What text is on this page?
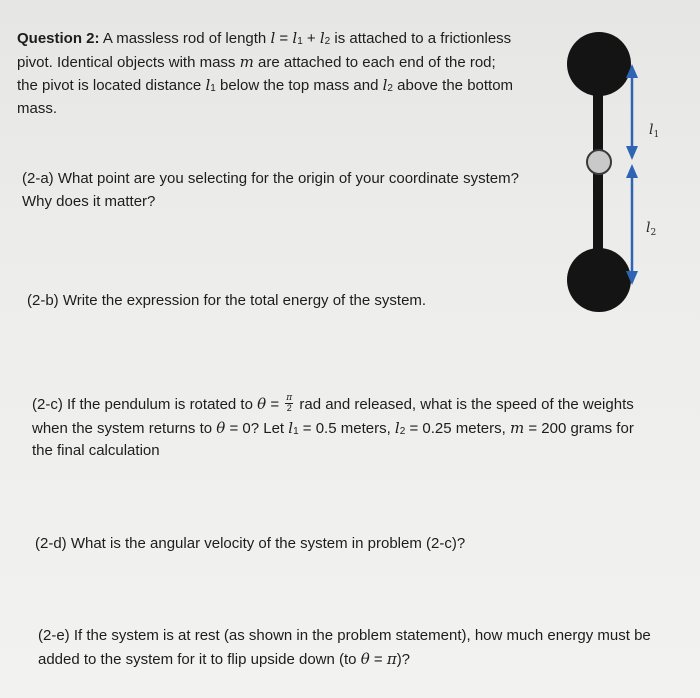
Question 2: A massless rod of length $l = l_1 + l_2$ is attached to a frictionless
pivot. Identical objects with mass m are attached to each end of the rod;
the pivot is located distance $l_1$ below the top mass and $l_2$ above the bottom
mass.
(2-a) What point are you selecting for the origin of your coordinate system?
Why does it matter?
(2-b) Write the expression for the total energy of the system.
(2-c) If the pendulum is rotated to $\theta = \frac{\pi}{2}$ rad and released, what is the speed of the weights
when the system returns to θ = 0? Let $l_1 = 0.5$ meters, $l_2 = 0.25$ meters, m = 200 grams for
the final calculation
(2-d) What is the angular velocity of the system in problem (2-c)?
(2-e) If the system is at rest (as shown in the problem statement), how much energy must be
added to the system for it to flip upside down (to θ = π)?
$l_1$
$l_2$
